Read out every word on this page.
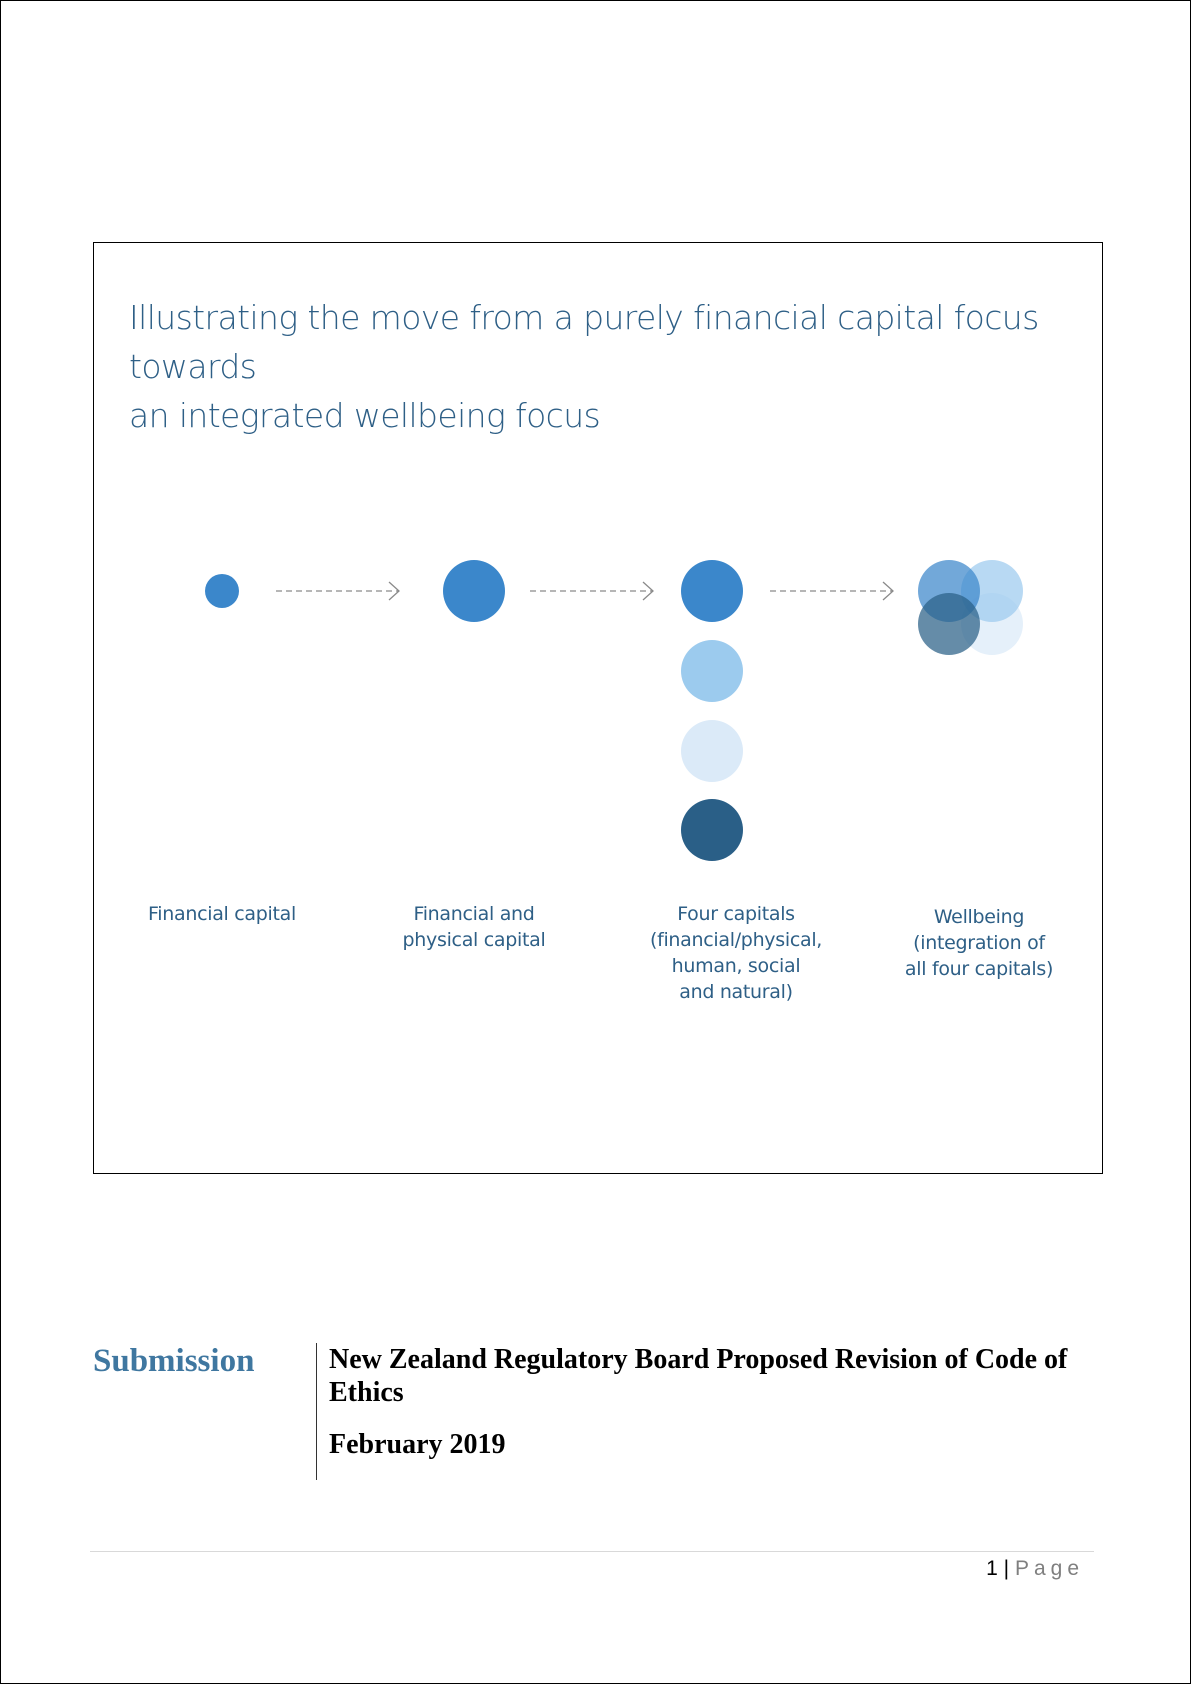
Illustrating the move from a purely financial capital focus towards
an integrated wellbeing focus
Financial capital	Financial and
physical capital
Four capitals
(financial/physical,
human, social
and natural)
Wellbeing
(integration of
all four capitals)
Submission	New Zealand Regulatory Board Proposed Revision of Code of Ethics
February 2019
1 | Page
